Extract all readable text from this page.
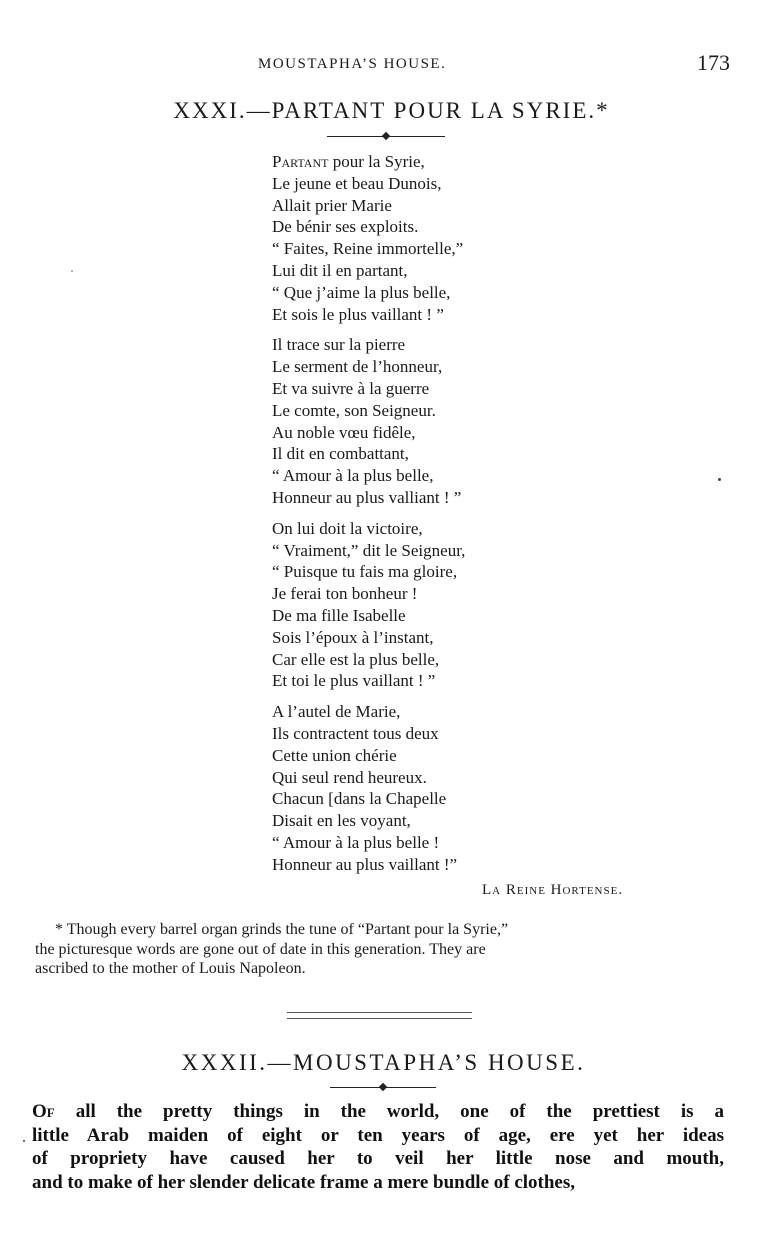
MOUSTAPHA’S HOUSE.	173
XXXI.—PARTANT POUR LA SYRIE.*
Partant pour la Syrie,
Le jeune et beau Dunois,
Allait prier Marie
De bénir ses exploits.
“ Faites, Reine immortelle,”
Lui dit il en partant,
“ Que j’aime la plus belle,
Et sois le plus vaillant ! ”
Il trace sur la pierre
Le serment de l’honneur,
Et va suivre à la guerre
Le comte, son Seigneur.
Au noble vœu fidêle,
Il dit en combattant,
“ Amour à la plus belle,
Honneur au plus valliant ! ”
On lui doit la victoire,
“ Vraiment,” dit le Seigneur,
“ Puisque tu fais ma gloire,
Je ferai ton bonheur !
De ma fille Isabelle
Sois l’époux à l’instant,
Car elle est la plus belle,
Et toi le plus vaillant ! ”
A l’autel de Marie,
Ils contractent tous deux
Cette union chérie
Qui seul rend heureux.
Chacun [dans la Chapelle
Disait en les voyant,
“ Amour à la plus belle !
Honneur au plus vaillant !”
La Reine Hortense.
* Though every barrel organ grinds the tune of “Partant pour la Syrie,”
the picturesque words are gone out of date in this generation. They are
ascribed to the mother of Louis Napoleon.
XXXII.—MOUSTAPHA’S HOUSE.
Of all the pretty things in the world, one of the prettiest is a
little Arab maiden of eight or ten years of age, ere yet her ideas
of propriety have caused her to veil her little nose and mouth,
and to make of her slender delicate frame a mere bundle of clothes,
